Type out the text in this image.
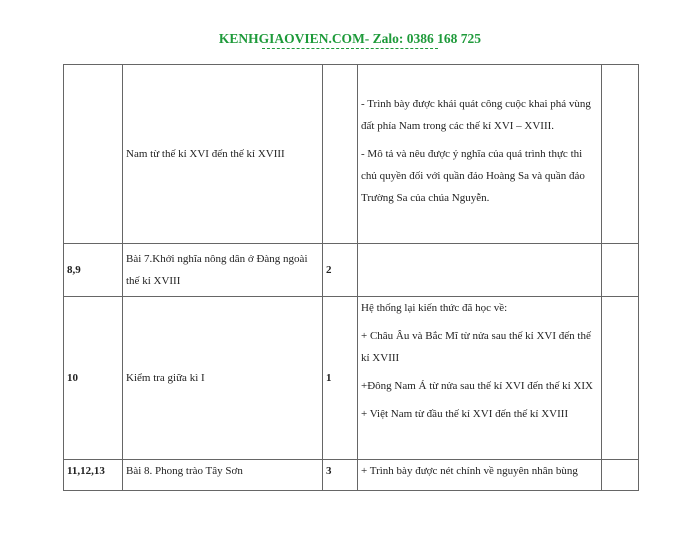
KENHGIAOVIEN.COM- Zalo: 0386 168 725
	Nam từ thế kỉ XVI đến thế kỉ XVIII		- Trình bày được khái quát công cuộc khai phá vùng đất phía Nam trong các thế kỉ XVI – XVIII.

- Mô tả và nêu được ý nghĩa của quá trình thực thi chủ quyền đối với quần đảo Hoàng Sa và quần đảo Trường Sa của chúa Nguyễn.	

8,9	Bài 7.Khởi nghĩa nông dân ở Đàng ngoài thế kỉ XVIII	2		
10	Kiểm tra giữa kì I	1	Hệ thống lại kiến thức đã học về:

+ Châu Âu và Bắc Mĩ từ nửa sau thế kỉ XVI đến thế kỉ XVIII

+Đông Nam Á từ nửa sau thế kỉ XVI đến thế kỉ XIX

+ Việt Nam từ đầu thế kỉ XVI đến thế kỉ XVIII	

11,12,13	Bài 8. Phong trào Tây Sơn	3	+ Trình bày được nét chính về nguyên nhân bùng	
